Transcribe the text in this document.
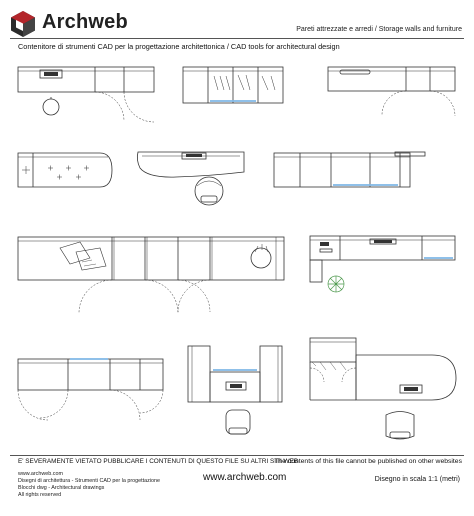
Archweb	Pareti attrezzate e arredi / Storage walls and furniture
Contenitore di strumenti CAD per la progettazione architettonica / CAD tools for architectural design
E' SEVERAMENTE VIETATO PUBBLICARE I CONTENUTI DI QUESTO FILE SU ALTRI SITI WEB
The contents of this file cannot be published on other websites
www.archweb.com
Disegni di architettura - Strumenti CAD per la progettazione
Blocchi dwg - Architectural drawings
All rights reserved
www.archweb.com	Disegno in scala 1:1 (metri)
